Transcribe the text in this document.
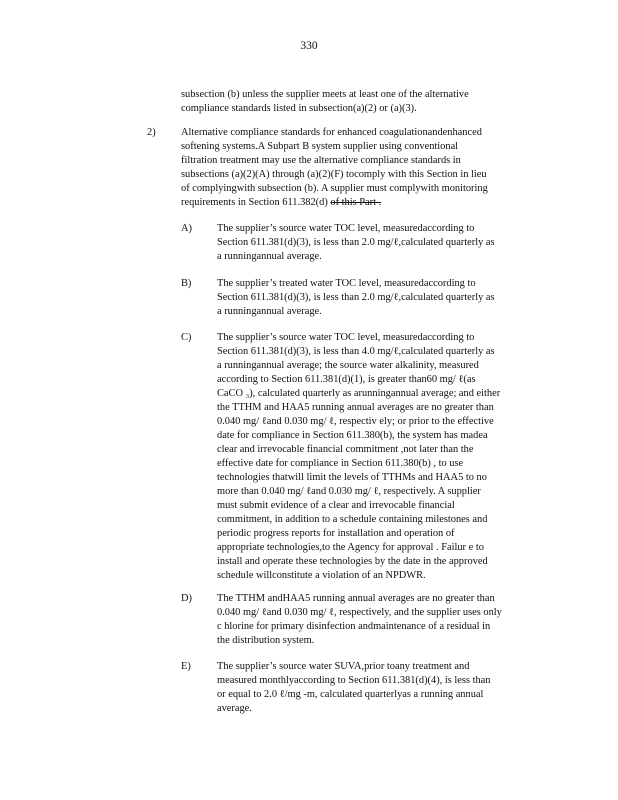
330
subsection (b) unless the supplier meets at least one of the alternative
compliance standards listed in subsection(a)(2) or (a)(3).
2) Alternative compliance standards for enhanced coagulationandenhanced
softening systems.A Subpart B system supplier using conventional
filtration treatment may use the alternative compliance standards in
subsections (a)(2)(A) through (a)(2)(F) tocomply with this Section in lieu
of complyingwith subsection (b). A supplier must complywith monitoring
requirements in Section 611.382(d) of this Part .
A) The supplier’s source water TOC level, measuredaccording to
Section 611.381(d)(3), is less than 2.0 mg/ℓ,calculated quarterly as
a runningannual average.
B) The supplier’s treated water TOC level, measuredaccording to
Section 611.381(d)(3), is less than 2.0 mg/ℓ,calculated quarterly as
a runningannual average.
C) The supplier’s source water TOC level, measuredaccording to
Section 611.381(d)(3), is less than 4.0 mg/ℓ,calculated quarterly as
a runningannual average; the source water alkalinity, measured
according to Section 611.381(d)(1), is greater than60 mg/ ℓ(as
CaCO ₃), calculated quarterly as arunningannual average; and either
the TTHM and HAA5 running annual averages are no greater than
0.040 mg/ ℓand 0.030 mg/ ℓ, respectiv ely; or prior to the effective
date for compliance in Section 611.380(b), the system has madea
clear and irrevocable financial commitment ,not later than the
effective date for compliance in Section 611.380(b) , to use
technologies thatwill limit the levels of TTHMs and HAA5 to no
more than 0.040 mg/ ℓand 0.030 mg/ ℓ, respectively. A supplier
must submit evidence of a clear and irrevocable financial
commitment, in addition to a schedule containing milestones and
periodic progress reports for installation and operation of
appropriate technologies,to the Agency for approval . Failur e to
install and operate these technologies by the date in the approved
schedule willconstitute a violation of an NPDWR.
D) The TTHM andHAA5 running annual averages are no greater than
0.040 mg/ ℓand 0.030 mg/ ℓ, respectively, and the supplier uses only
c hlorine for primary disinfection andmaintenance of a residual in
the distribution system.
E)	The supplier’s source water SUVA,prior toany treatment and
measured monthlyaccording to Section 611.381(d)(4), is less than
or equal to 2.0 ℓ/mg -m, calculated quarterlyas a running annual
average.
